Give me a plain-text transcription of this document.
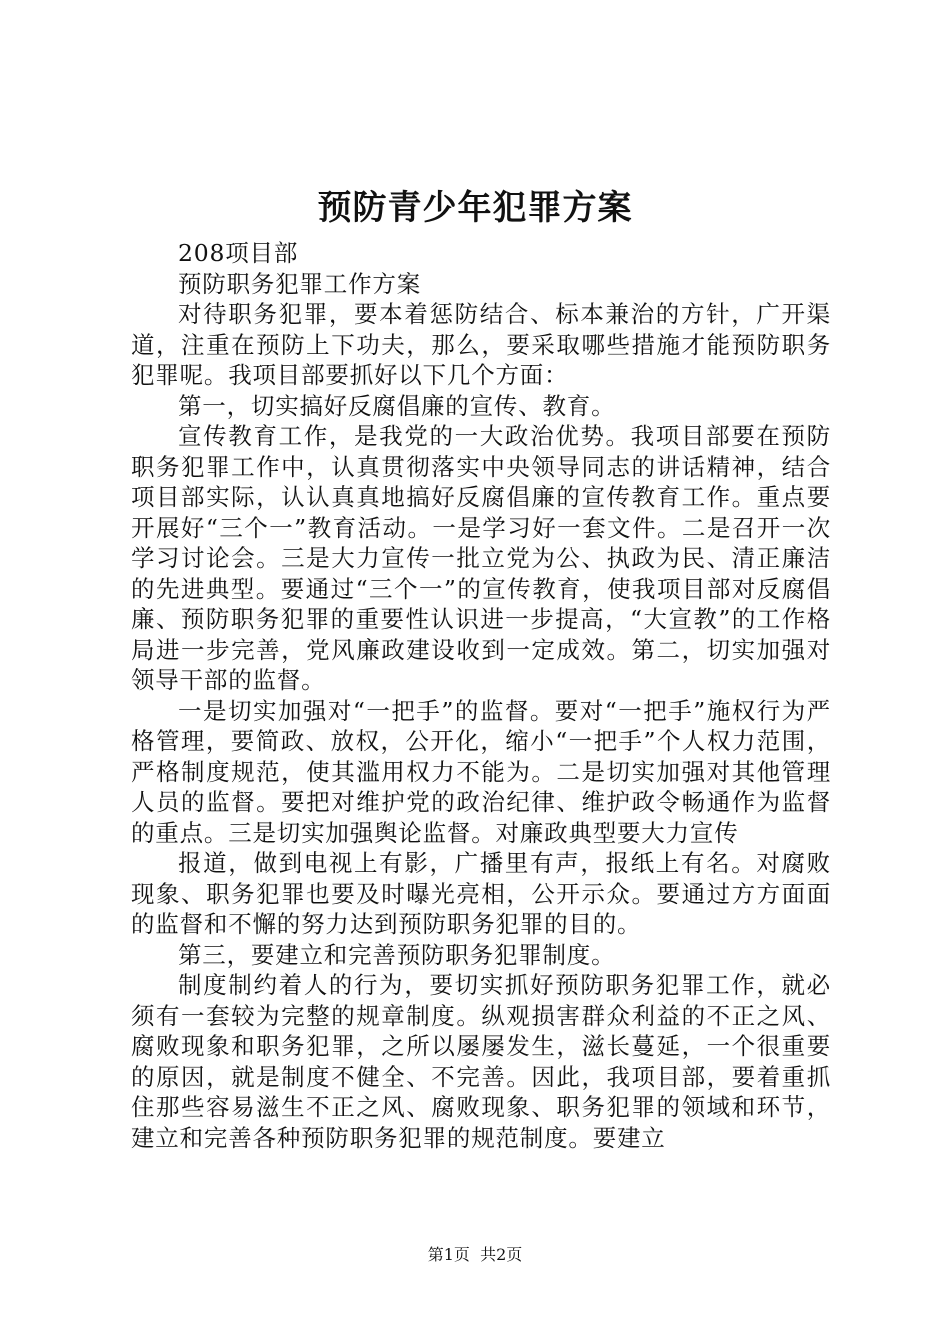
预防青少年犯罪方案

208项目部

预防职务犯罪工作方案

对待职务犯罪，要本着惩防结合、标本兼治的方针，广开渠道，注重在预防上下功夫，那么，要采取哪些措施才能预防职务犯罪呢。我项目部要抓好以下几个方面：

第一，切实搞好反腐倡廉的宣传、教育。

宣传教育工作，是我党的一大政治优势。我项目部要在预防职务犯罪工作中，认真贯彻落实中央领导同志的讲话精神，结合项目部实际，认认真真地搞好反腐倡廉的宣传教育工作。重点要开展好“三个一”教育活动。一是学习好一套文件。二是召开一次学习讨论会。三是大力宣传一批立党为公、执政为民、清正廉洁的先进典型。要通过“三个一”的宣传教育，使我项目部对反腐倡廉、预防职务犯罪的重要性认识进一步提高，“大宣教”的工作格局进一步完善，党风廉政建设收到一定成效。第二，切实加强对领导干部的监督。

一是切实加强对“一把手”的监督。要对“一把手”施权行为严格管理，要简政、放权，公开化，缩小“一把手”个人权力范围，严格制度规范，使其滥用权力不能为。二是切实加强对其他管理人员的监督。要把对维护党的政治纪律、维护政令畅通作为监督的重点。三是切实加强舆论监督。对廉政典型要大力宣传

报道，做到电视上有影，广播里有声，报纸上有名。对腐败现象、职务犯罪也要及时曝光亮相，公开示众。要通过方方面面的监督和不懈的努力达到预防职务犯罪的目的。

第三，要建立和完善预防职务犯罪制度。

制度制约着人的行为，要切实抓好预防职务犯罪工作，就必须有一套较为完整的规章制度。纵观损害群众利益的不正之风、腐败现象和职务犯罪，之所以屡屡发生，滋长蔓延，一个很重要的原因，就是制度不健全、不完善。因此，我项目部，要着重抓住那些容易滋生不正之风、腐败现象、职务犯罪的领域和环节，建立和完善各种预防职务犯罪的规范制度。要建立

第1页  共2页
